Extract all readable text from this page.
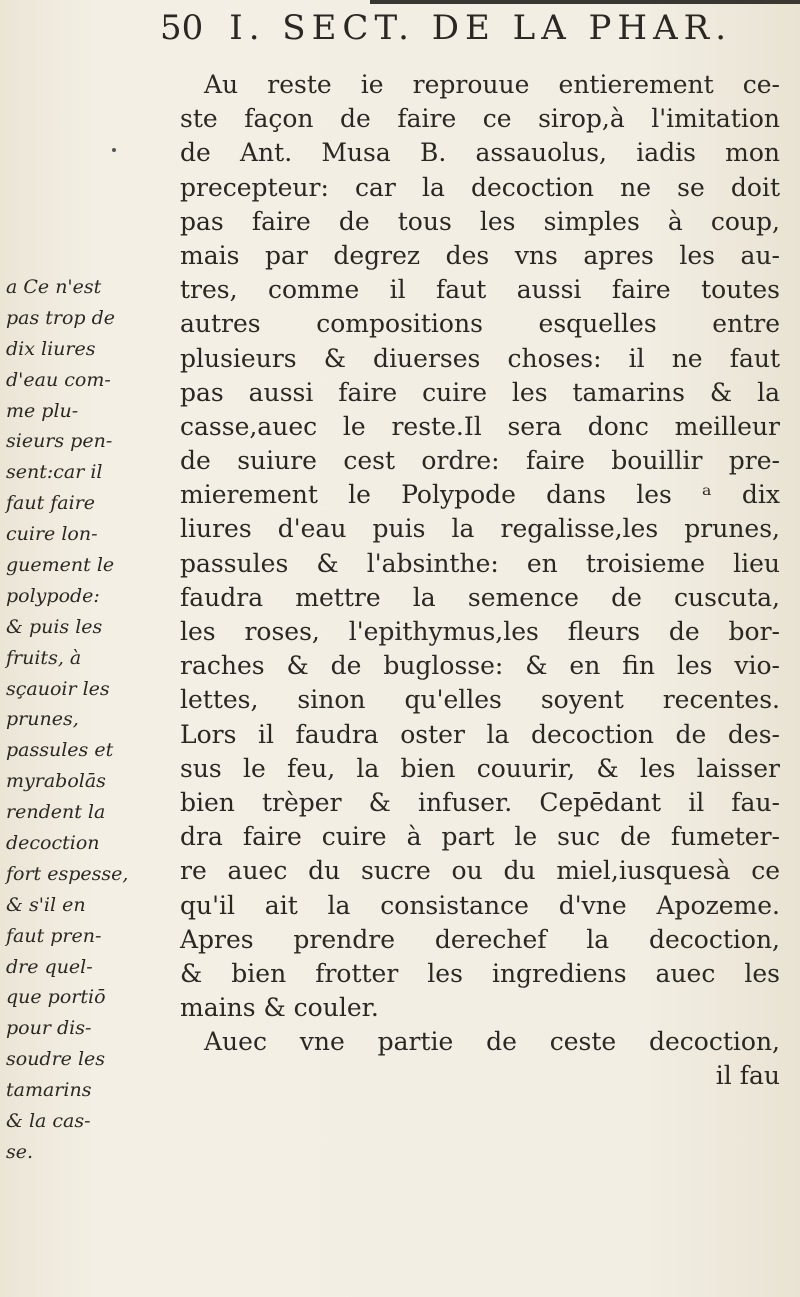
50 I. SECT. DE LA PHAR.
Au reste ie reprouue entierement ce-
ste façon de faire ce sirop,à l'imitation
de Ant. Musa B. assauolus, iadis mon
precepteur: car la decoction ne se doit
pas faire de tous les simples à coup,
mais par degrez des vns apres les au-
tres, comme il faut aussi faire toutes
autres compositions esquelles entre
plusieurs & diuerses choses: il ne faut
pas aussi faire cuire les tamarins & la
casse,auec le reste.Il sera donc meilleur
de suiure cest ordre: faire bouillir pre-
mierement le Polypode dans les ᵃ dix
liures d'eau puis la regalisse,les prunes,
passules & l'absinthe: en troisieme lieu
faudra mettre la semence de cuscuta,
les roses, l'epithymus,les fleurs de bor-
raches & de buglosse: & en fin les vio-
lettes, sinon qu'elles soyent recentes.
Lors il faudra oster la decoction de des-
sus le feu, la bien couurir, & les laisser
bien trèper & infuser. Cepēdant il fau-
dra faire cuire à part le suc de fumeter-
re auec du sucre ou du miel,iusquesà ce
qu'il ait la consistance d'vne Apozeme.
Apres prendre derechef la decoction,
& bien frotter les ingrediens auec les
mains & couler.
Auec vne partie de ceste decoction,
il fau
a Ce n'est
pas trop de
dix liures
d'eau com-
me plu-
sieurs pen-
sent:car il
faut faire
cuire lon-
guement le
polypode:
& puis les
fruits, à
sçauoir les
prunes,
passules et
myrabolās
rendent la
decoction
fort espesse,
& s'il en
faut pren-
dre quel-
que portiō
pour dis-
soudre les
tamarins
& la cas-
se.
